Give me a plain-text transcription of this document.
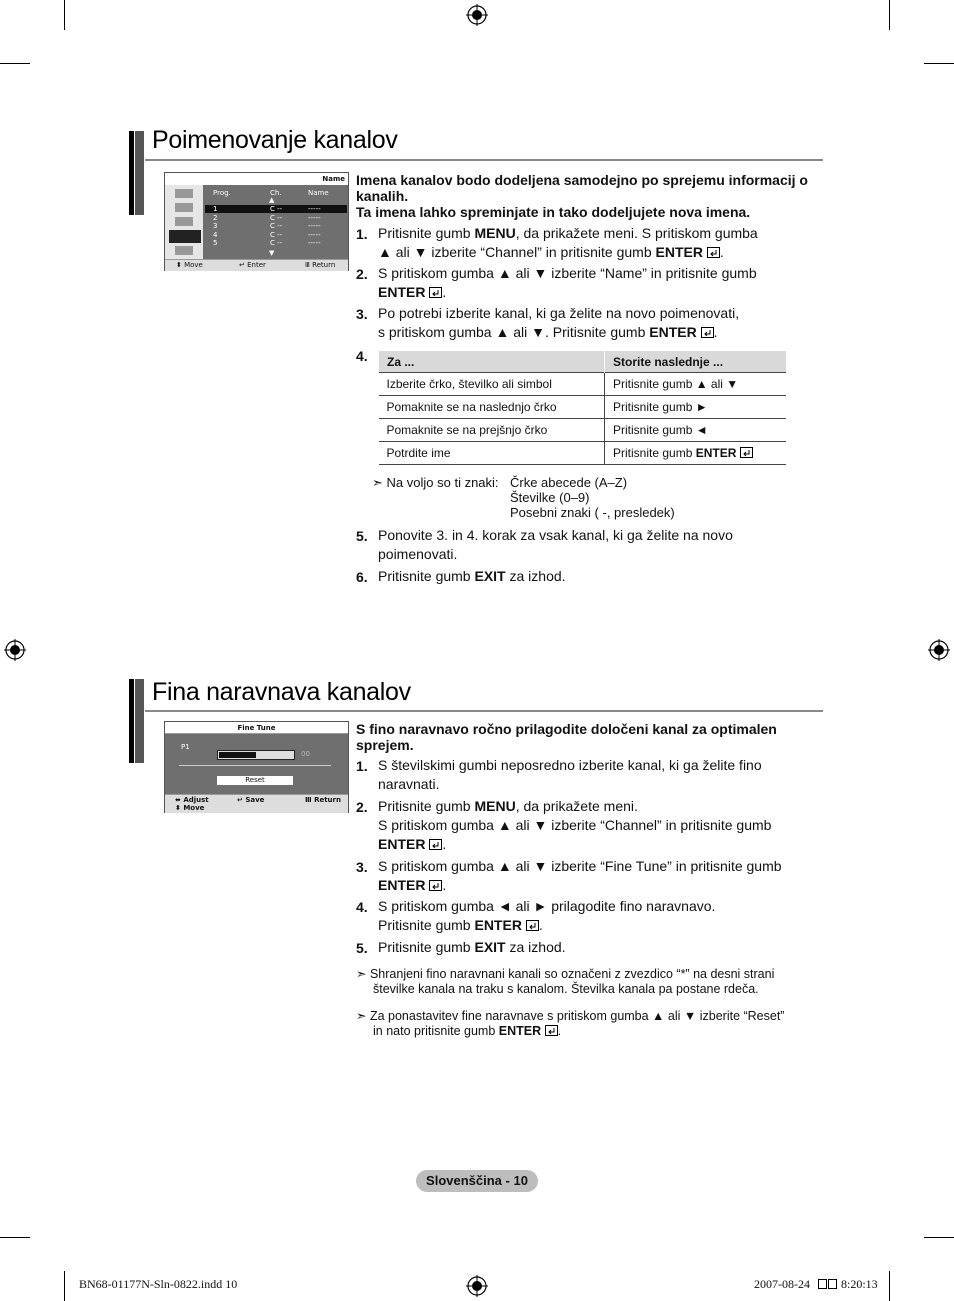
Poimenovanje kanalov
Name
Prog.	Ch.	Name
▲
1	C --	-----
2	C --	-----
3	C --	-----
4	C --	-----
5	C --	-----
▼
⬍ Move	↵ Enter	Ⅲ Return
Imena kanalov bodo dodeljena samodejno po sprejemu informacij o kanalih.
Ta imena lahko spreminjate in tako dodeljujete nova imena.
1. Pritisnite gumb MENU, da prikažete meni. S pritiskom gumba
▲ ali ▼ izberite “Channel” in pritisnite gumb ENTER .
2. S pritiskom gumba ▲ ali ▼ izberite “Name” in pritisnite gumb
ENTER .
3. Po potrebi izberite kanal, ki ga želite na novo poimenovati,
s pritiskom gumba ▲ ali ▼. Pritisnite gumb ENTER .
4. Za ...	Storite naslednje ...
Izberite črko, številko ali simbol	Pritisnite gumb ▲ ali ▼
Pomaknite se na naslednjo črko	Pritisnite gumb ►
Pomaknite se na prejšnjo črko	Pritisnite gumb ◄
Potrdite ime	Pritisnite gumb ENTER
➣ Na voljo so ti znaki: Črke abecede (A–Z)
Številke (0–9)
Posebni znaki ( -, presledek)
5. Ponovite 3. in 4. korak za vsak kanal, ki ga želite na novo
poimenovati.
6. Pritisnite gumb EXIT za izhod.
Fina naravnava kanalov
Fine Tune
P1
00
Reset
⬌ Adjust
⬍ Move
↵ Save	Ⅲ Return
S fino naravnavo ročno prilagodite določeni kanal za optimalen sprejem.
1. S številskimi gumbi neposredno izberite kanal, ki ga želite fino
naravnati.
2. Pritisnite gumb MENU, da prikažete meni.
S pritiskom gumba ▲ ali ▼ izberite “Channel” in pritisnite gumb
ENTER .
3. S pritiskom gumba ▲ ali ▼ izberite “Fine Tune” in pritisnite gumb
ENTER .
4. S pritiskom gumba ◄ ali ► prilagodite fino naravnavo.
Pritisnite gumb ENTER .
5. Pritisnite gumb EXIT za izhod.
➣ Shranjeni fino naravnani kanali so označeni z zvezdico “*” na desni strani
številke kanala na traku s kanalom. Številka kanala pa postane rdeča.
➣ Za ponastavitev fine naravnave s pritiskom gumba ▲ ali ▼ izberite “Reset”
in nato pritisnite gumb ENTER .
Slovenščina - 10
BN68-01177N-Sln-0822.indd 10	2007-08-24	8:20:13
